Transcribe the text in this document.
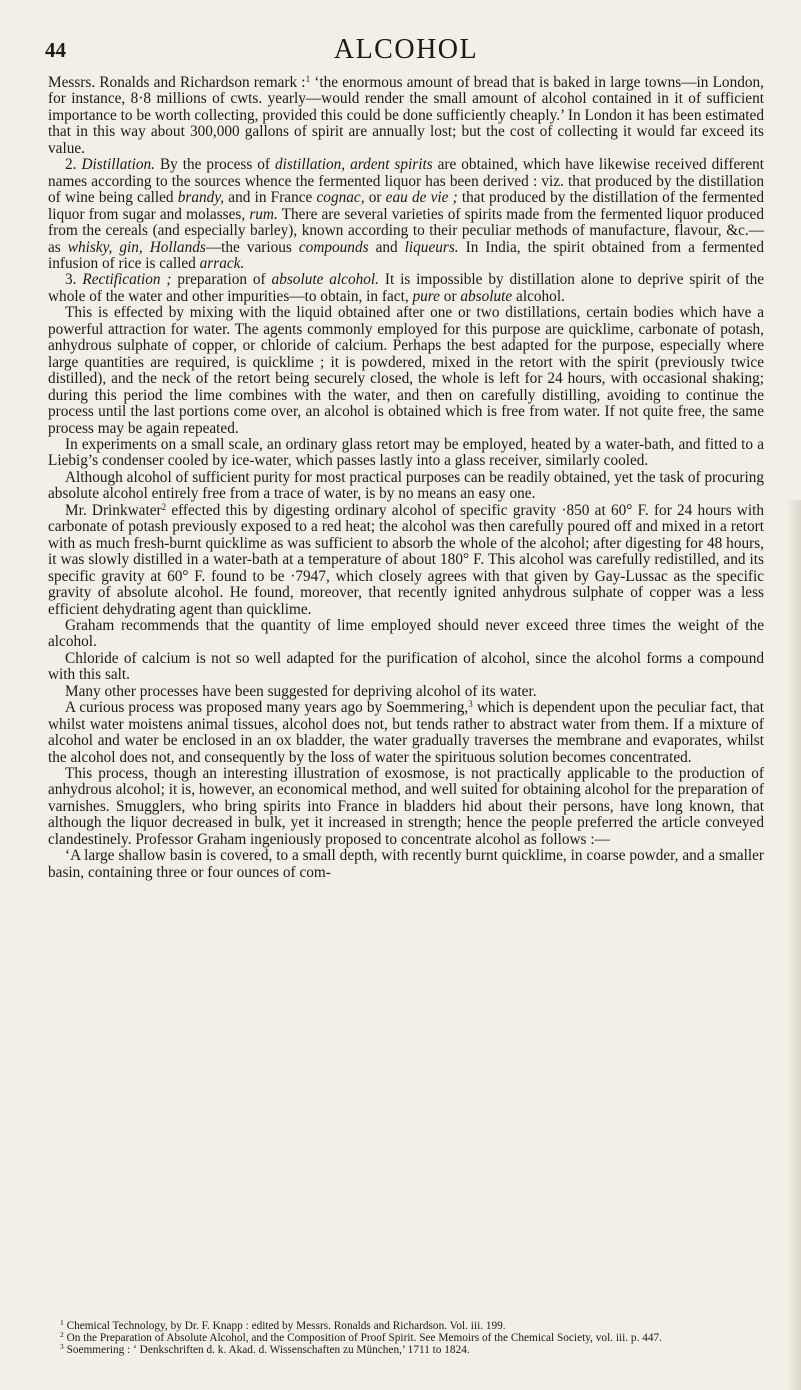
44	ALCOHOL

Messrs. Ronalds and Richardson remark :$^1$ ‘the enormous amount of bread that is baked in large towns—in London, for instance, 8·8 millions of cwts. yearly—would render the small amount of alcohol contained in it of sufficient importance to be worth collecting, provided this could be done sufficiently cheaply.’ In London it has been estimated that in this way about 300,000 gallons of spirit are annually lost; but the cost of collecting it would far exceed its value.

2. Distillation. By the process of distillation, ardent spirits are obtained, which have likewise received different names according to the sources whence the fermented liquor has been derived : viz. that produced by the distillation of wine being called brandy, and in France cognac, or eau de vie ; that produced by the distillation of the fermented liquor from sugar and molasses, rum. There are several varieties of spirits made from the fermented liquor produced from the cereals (and especially barley), known according to their peculiar methods of manufacture, flavour, &c.—as whisky, gin, Hollands—the various compounds and liqueurs. In India, the spirit obtained from a fermented infusion of rice is called arrack.

3. Rectification ; preparation of absolute alcohol. It is impossible by distillation alone to deprive spirit of the whole of the water and other impurities—to obtain, in fact, pure or absolute alcohol.

This is effected by mixing with the liquid obtained after one or two distillations, certain bodies which have a powerful attraction for water. The agents commonly employed for this purpose are quicklime, carbonate of potash, anhydrous sulphate of copper, or chloride of calcium. Perhaps the best adapted for the purpose, especially where large quantities are required, is quicklime ; it is powdered, mixed in the retort with the spirit (previously twice distilled), and the neck of the retort being securely closed, the whole is left for 24 hours, with occasional shaking; during this period the lime combines with the water, and then on carefully distilling, avoiding to continue the process until the last portions come over, an alcohol is obtained which is free from water. If not quite free, the same process may be again repeated.

In experiments on a small scale, an ordinary glass retort may be employed, heated by a water-bath, and fitted to a Liebig’s condenser cooled by ice-water, which passes lastly into a glass receiver, similarly cooled.

Although alcohol of sufficient purity for most practical purposes can be readily obtained, yet the task of procuring absolute alcohol entirely free from a trace of water, is by no means an easy one.

Mr. Drinkwater$^2$ effected this by digesting ordinary alcohol of specific gravity ·850 at 60° F. for 24 hours with carbonate of potash previously exposed to a red heat; the alcohol was then carefully poured off and mixed in a retort with as much fresh-burnt quicklime as was sufficient to absorb the whole of the alcohol; after digesting for 48 hours, it was slowly distilled in a water-bath at a temperature of about 180° F. This alcohol was carefully redistilled, and its specific gravity at 60° F. found to be ·7947, which closely agrees with that given by Gay-Lussac as the specific gravity of absolute alcohol. He found, moreover, that recently ignited anhydrous sulphate of copper was a less efficient dehydrating agent than quicklime.

Graham recommends that the quantity of lime employed should never exceed three times the weight of the alcohol.

Chloride of calcium is not so well adapted for the purification of alcohol, since the alcohol forms a compound with this salt.

Many other processes have been suggested for depriving alcohol of its water.

A curious process was proposed many years ago by Soemmering,$^3$ which is dependent upon the peculiar fact, that whilst water moistens animal tissues, alcohol does not, but tends rather to abstract water from them. If a mixture of alcohol and water be enclosed in an ox bladder, the water gradually traverses the membrane and evaporates, whilst the alcohol does not, and consequently by the loss of water the spirituous solution becomes concentrated.

This process, though an interesting illustration of exosmose, is not practically applicable to the production of anhydrous alcohol; it is, however, an economical method, and well suited for obtaining alcohol for the preparation of varnishes. Smugglers, who bring spirits into France in bladders hid about their persons, have long known, that although the liquor decreased in bulk, yet it increased in strength; hence the people preferred the article conveyed clandestinely. Professor Graham ingeniously proposed to concentrate alcohol as follows :—

‘A large shallow basin is covered, to a small depth, with recently burnt quicklime, in coarse powder, and a smaller basin, containing three or four ounces of com-

$^1$ Chemical Technology, by Dr. F. Knapp : edited by Messrs. Ronalds and Richardson. Vol. iii. 199.

$^2$ On the Preparation of Absolute Alcohol, and the Composition of Proof Spirit. See Memoirs of the Chemical Society, vol. iii. p. 447.

$^3$ Soemmering : ‘ Denkschriften d. k. Akad. d. Wissenschaften zu München,’ 1711 to 1824.
